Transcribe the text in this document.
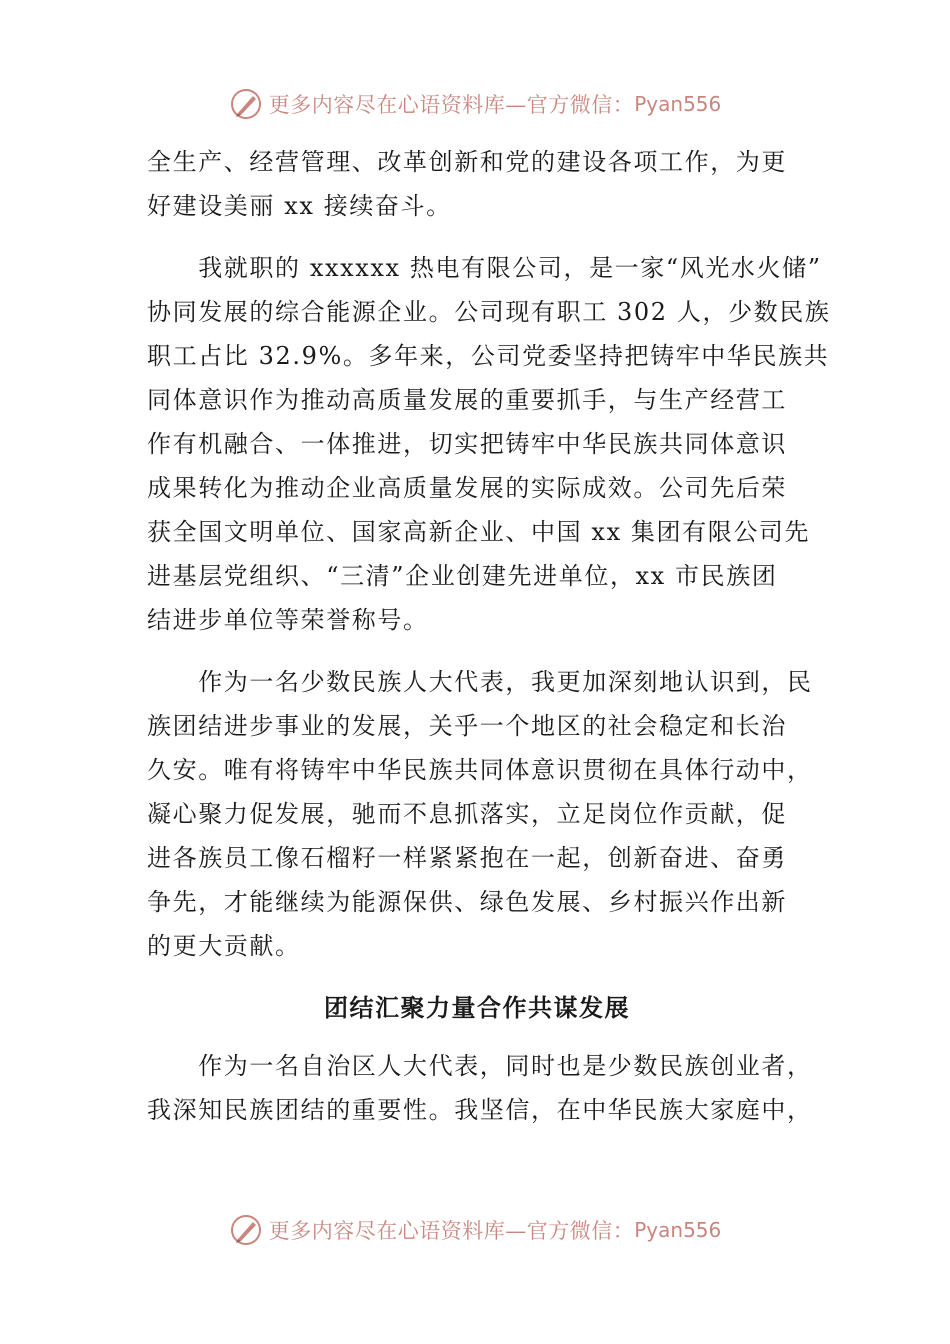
更多内容尽在心语资料库—官方微信： Pyan556
全生产、经营管理、改革创新和党的建设各项工作，为更
好建设美丽 xx 接续奋斗。
　　我就职的 xxxxxx 热电有限公司，是一家“风光水火储”
协同发展的综合能源企业。公司现有职工 302 人，少数民族
职工占比 32.9%。多年来，公司党委坚持把铸牢中华民族共
同体意识作为推动高质量发展的重要抓手，与生产经营工
作有机融合、一体推进，切实把铸牢中华民族共同体意识
成果转化为推动企业高质量发展的实际成效。公司先后荣
获全国文明单位、国家高新企业、中国 xx 集团有限公司先
进基层党组织、“三清”企业创建先进单位，xx 市民族团
结进步单位等荣誉称号。
　　作为一名少数民族人大代表，我更加深刻地认识到，民
族团结进步事业的发展，关乎一个地区的社会稳定和长治
久安。唯有将铸牢中华民族共同体意识贯彻在具体行动中，
凝心聚力促发展，驰而不息抓落实，立足岗位作贡献，促
进各族员工像石榴籽一样紧紧抱在一起，创新奋进、奋勇
争先，才能继续为能源保供、绿色发展、乡村振兴作出新
的更大贡献。
团结汇聚力量合作共谋发展
　　作为一名自治区人大代表，同时也是少数民族创业者，
我深知民族团结的重要性。我坚信，在中华民族大家庭中，
更多内容尽在心语资料库—官方微信： Pyan556
